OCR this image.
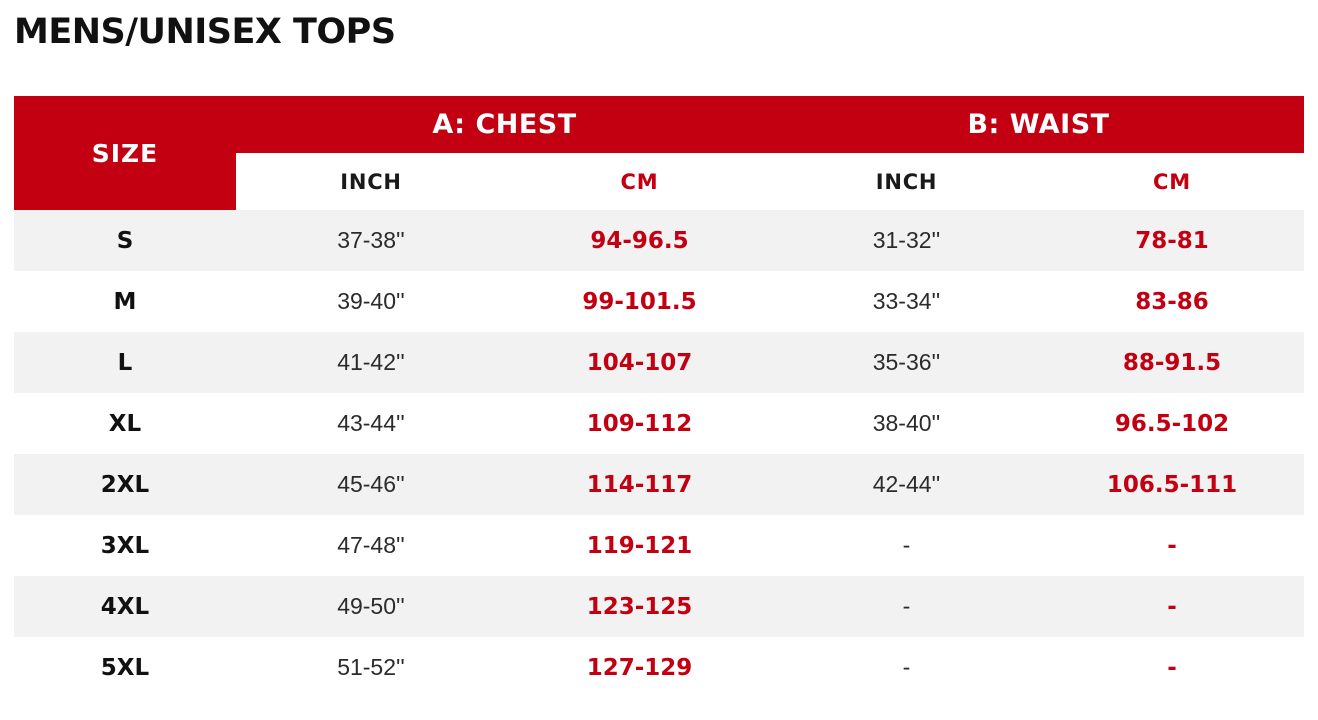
MENS/UNISEX TOPS
SIZE	A: CHEST		B: WAIST	
	INCH	CM	INCH	CM
S	37-38''	94-96.5	31-32''	78-81
M	39-40''	99-101.5	33-34''	83-86
L	41-42''	104-107	35-36''	88-91.5
XL	43-44''	109-112	38-40''	96.5-102
2XL	45-46''	114-117	42-44''	106.5-111
3XL	47-48''	119-121	-	-
4XL	49-50''	123-125	-	-
5XL	51-52''	127-129	-	-
